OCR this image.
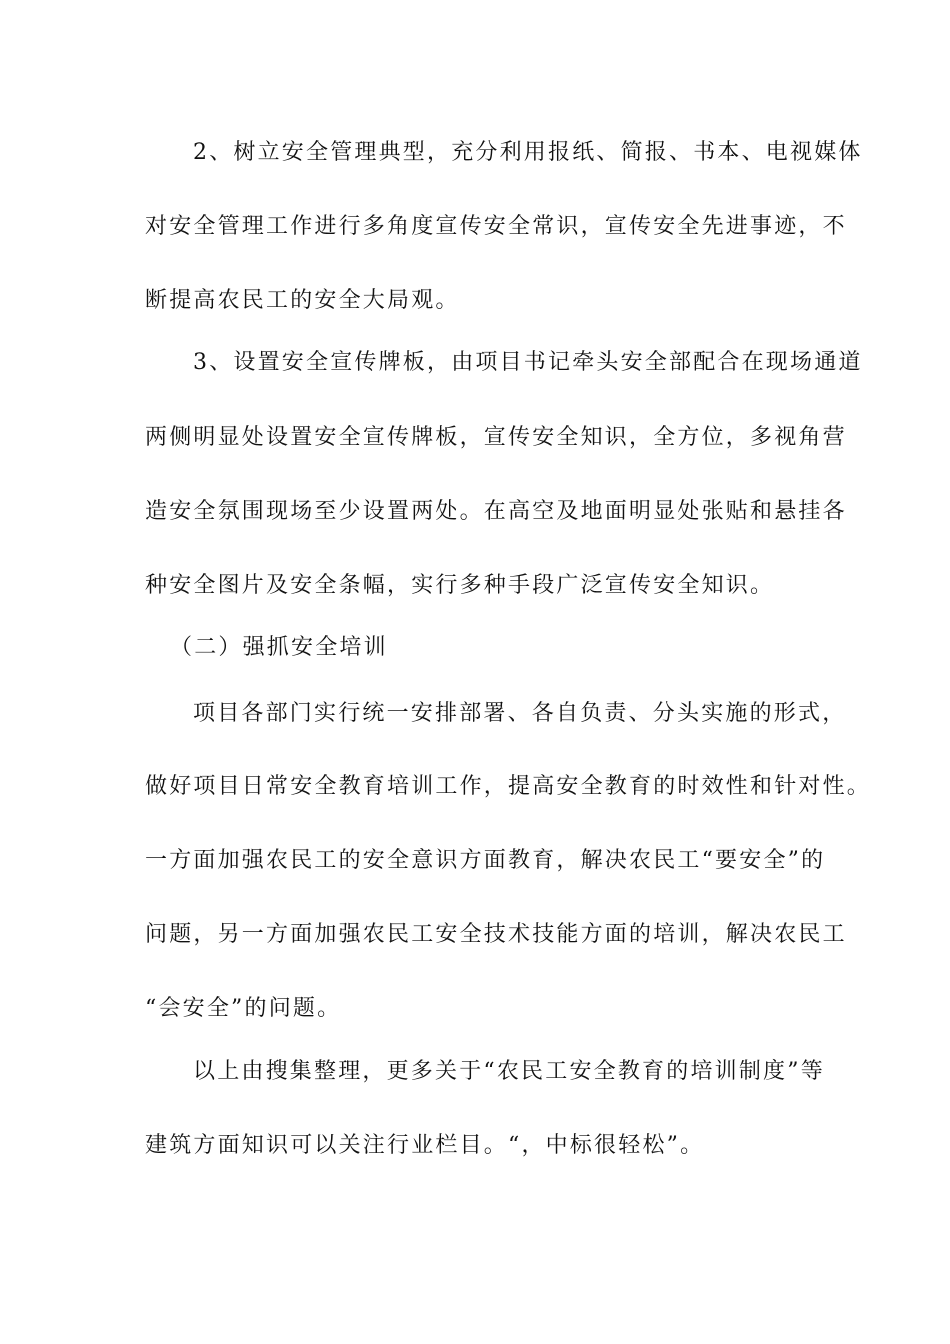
2、树立安全管理典型，充分利用报纸、简报、书本、电视媒体
对安全管理工作进行多角度宣传安全常识，宣传安全先进事迹，不
断提高农民工的安全大局观。
3、设置安全宣传牌板，由项目书记牵头安全部配合在现场通道
两侧明显处设置安全宣传牌板，宣传安全知识，全方位，多视角营
造安全氛围现场至少设置两处。在高空及地面明显处张贴和悬挂各
种安全图片及安全条幅，实行多种手段广泛宣传安全知识。
（二）强抓安全培训
项目各部门实行统一安排部署、各自负责、分头实施的形式，
做好项目日常安全教育培训工作，提高安全教育的时效性和针对性。
一方面加强农民工的安全意识方面教育，解决农民工“要安全”的
问题，另一方面加强农民工安全技术技能方面的培训，解决农民工
“会安全”的问题。
以上由搜集整理，更多关于“农民工安全教育的培训制度”等
建筑方面知识可以关注行业栏目。“，中标很轻松”。
